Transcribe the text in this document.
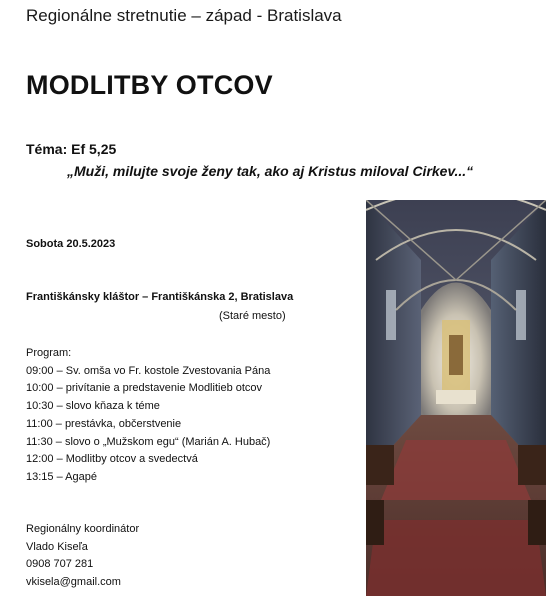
Regionálne stretnutie – západ - Bratislava
MODLITBY OTCOV
Téma: Ef 5,25
„Muži, milujte svoje ženy tak, ako aj Kristus miloval Cirkev...“
Sobota 20.5.2023
Františkánsky kláštor – Františkánska 2, Bratislava
(Staré mesto)
Program:
09:00 – Sv. omša vo Fr. kostole Zvestovania Pána
10:00 – privítanie a predstavenie Modlitieb otcov
10:30 – slovo kňaza k téme
11:00 – prestávka, občerstvenie
11:30 – slovo o „Mužskom egu“ (Marián A. Hubač)
12:00 – Modlitby otcov a svedectvá
13:15 – Agapé
Regionálny koordinátor
Vlado Kiseľa
0908 707 281
vkisela@gmail.com
